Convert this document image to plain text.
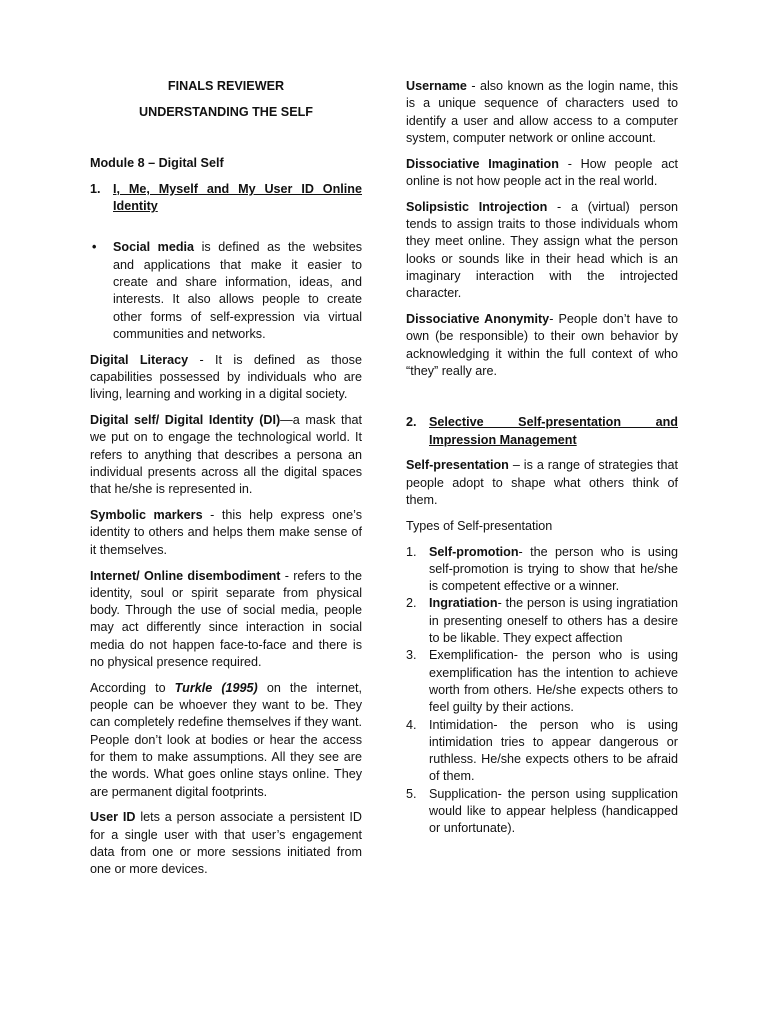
FINALS REVIEWER

UNDERSTANDING THE SELF

Module 8 – Digital Self

1. I, Me, Myself and My User ID Online Identity

• Social media is defined as the websites and applications that make it easier to create and share information, ideas, and interests. It also allows people to create other forms of self-expression via virtual communities and networks.

Digital Literacy - It is defined as those capabilities possessed by individuals who are living, learning and working in a digital society.

Digital self/ Digital Identity (DI)—a mask that we put on to engage the technological world. It refers to anything that describes a persona an individual presents across all the digital spaces that he/she is represented in.

Symbolic markers - this help express one’s identity to others and helps them make sense of it themselves.

Internet/ Online disembodiment - refers to the identity, soul or spirit separate from physical body. Through the use of social media, people may act differently since interaction in social media do not happen face-to-face and there is no physical presence required.

According to Turkle (1995) on the internet, people can be whoever they want to be. They can completely redefine themselves if they want. People don’t look at bodies or hear the access for them to make assumptions. All they see are the words. What goes online stays online. They are permanent digital footprints.

User ID lets a person associate a persistent ID for a single user with that user’s engagement data from one or more sessions initiated from one or more devices.

Username - also known as the login name, this is a unique sequence of characters used to identify a user and allow access to a computer system, computer network or online account.

Dissociative Imagination - How people act online is not how people act in the real world.

Solipsistic Introjection - a (virtual) person tends to assign traits to those individuals whom they meet online. They assign what the person looks or sounds like in their head which is an imaginary interaction with the introjected character.

Dissociative Anonymity- People don’t have to own (be responsible) to their own behavior by acknowledging it within the full context of who “they” really are.

2. Selective Self-presentation and
Impression Management

Self-presentation – is a range of strategies that people adopt to shape what others think of them.

Types of Self-presentation

1. Self-promotion- the person who is using self-promotion is trying to show that he/she is competent effective or a winner.
2. Ingratiation- the person is using ingratiation in presenting oneself to others has a desire to be likable. They expect affection
3. Exemplification- the person who is using exemplification has the intention to achieve worth from others. He/she expects others to feel guilty by their actions.
4. Intimidation- the person who is using intimidation tries to appear dangerous or ruthless. He/she expects others to be afraid of them.
5. Supplication- the person using supplication would like to appear helpless (handicapped or unfortunate).
